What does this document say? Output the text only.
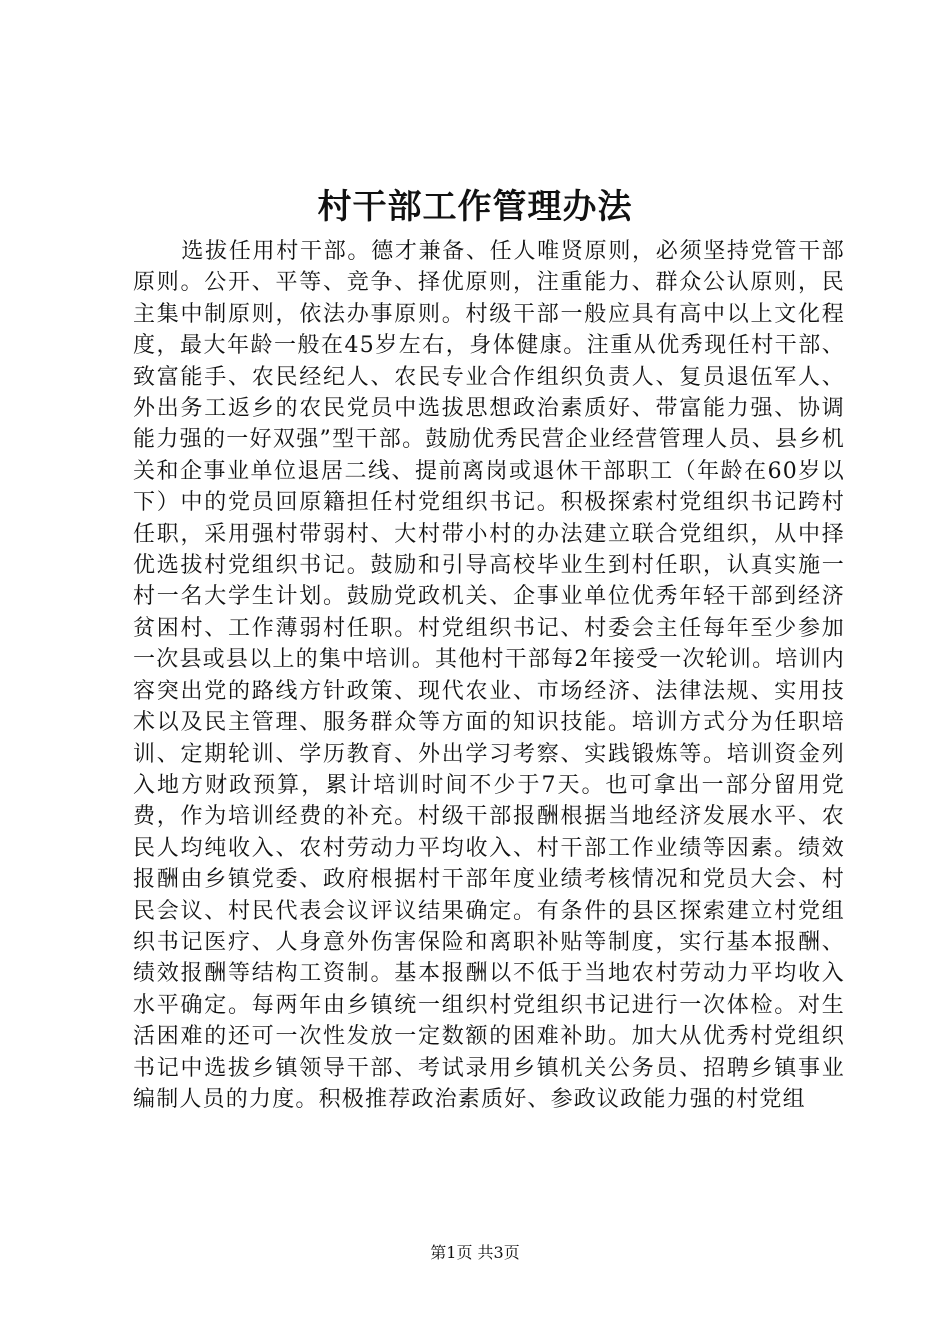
村干部工作管理办法

选拔任用村干部。德才兼备、任人唯贤原则，必须坚持党管干部原则。公开、平等、竞争、择优原则，注重能力、群众公认原则，民主集中制原则，依法办事原则。村级干部一般应具有高中以上文化程度，最大年龄一般在45岁左右，身体健康。注重从优秀现任村干部、致富能手、农民经纪人、农民专业合作组织负责人、复员退伍军人、外出务工返乡的农民党员中选拔思想政治素质好、带富能力强、协调能力强的一好双强”型干部。鼓励优秀民营企业经营管理人员、县乡机关和企事业单位退居二线、提前离岗或退休干部职工（年龄在60岁以下）中的党员回原籍担任村党组织书记。积极探索村党组织书记跨村任职，采用强村带弱村、大村带小村的办法建立联合党组织，从中择优选拔村党组织书记。鼓励和引导高校毕业生到村任职，认真实施一村一名大学生计划。鼓励党政机关、企事业单位优秀年轻干部到经济贫困村、工作薄弱村任职。村党组织书记、村委会主任每年至少参加一次县或县以上的集中培训。其他村干部每2年接受一次轮训。培训内容突出党的路线方针政策、现代农业、市场经济、法律法规、实用技术以及民主管理、服务群众等方面的知识技能。培训方式分为任职培训、定期轮训、学历教育、外出学习考察、实践锻炼等。培训资金列入地方财政预算，累计培训时间不少于7天。也可拿出一部分留用党费，作为培训经费的补充。村级干部报酬根据当地经济发展水平、农民人均纯收入、农村劳动力平均收入、村干部工作业绩等因素。绩效报酬由乡镇党委、政府根据村干部年度业绩考核情况和党员大会、村民会议、村民代表会议评议结果确定。有条件的县区探索建立村党组织书记医疗、人身意外伤害保险和离职补贴等制度，实行基本报酬、绩效报酬等结构工资制。基本报酬以不低于当地农村劳动力平均收入水平确定。每两年由乡镇统一组织村党组织书记进行一次体检。对生活困难的还可一次性发放一定数额的困难补助。加大从优秀村党组织书记中选拔乡镇领导干部、考试录用乡镇机关公务员、招聘乡镇事业编制人员的力度。积极推荐政治素质好、参政议政能力强的村党组

第1页 共3页
